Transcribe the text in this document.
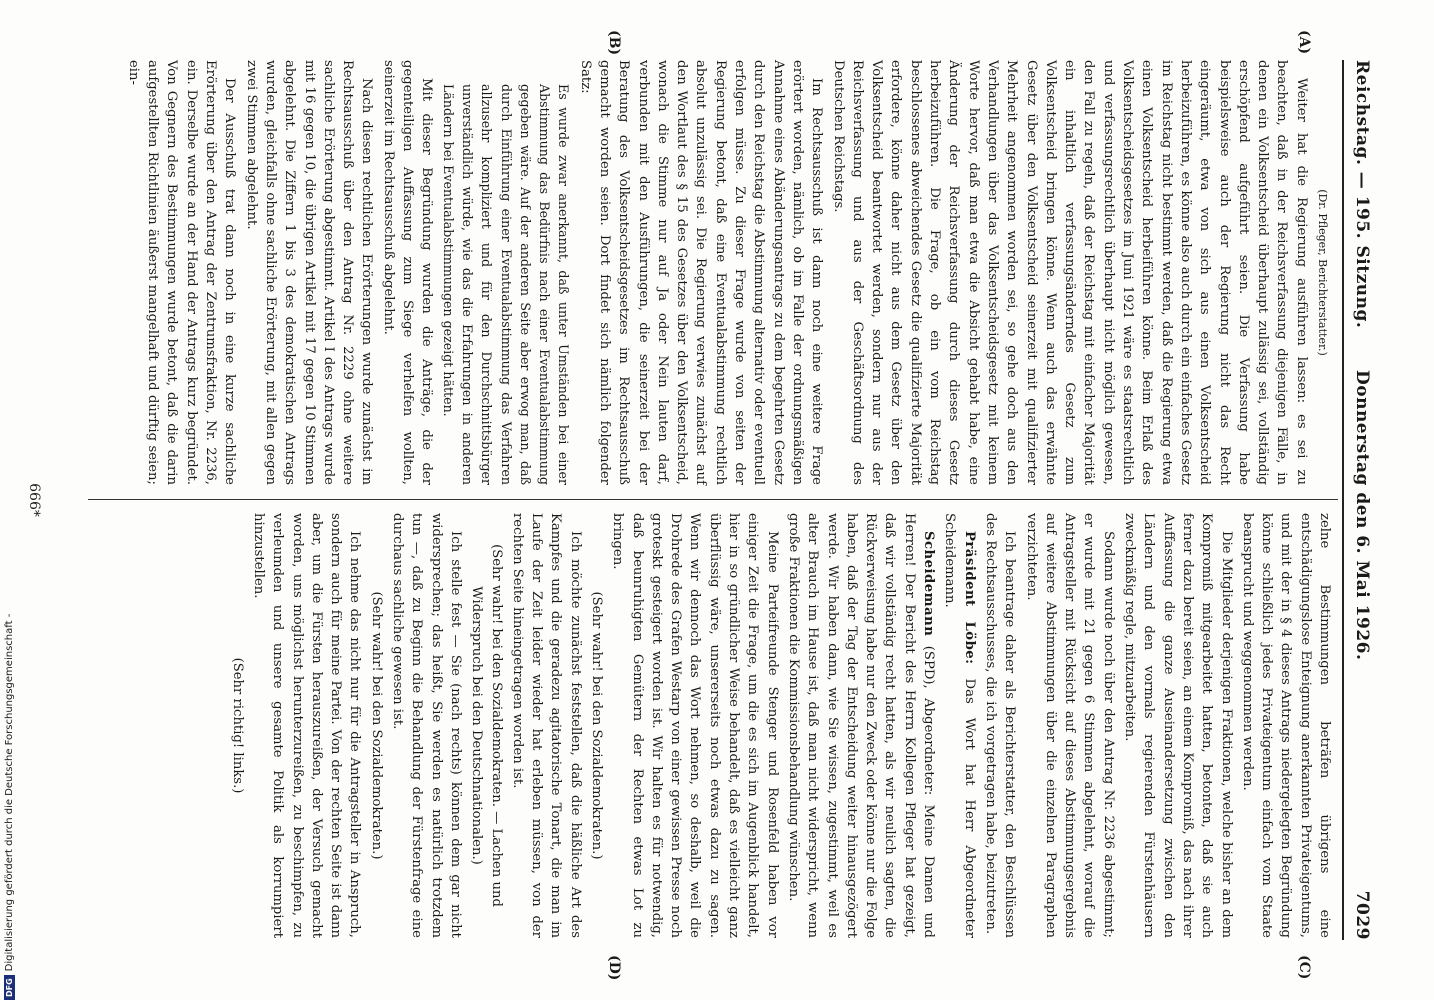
Reichstag. — 195. Sitzung.
Donnerstag den 6. Mai 1926.
7029
(A)
(B)
(C)
(D)

(Dr. Pfleger, Berichterstatter.)

Weiter hat die Regierung ausführen lassen: es sei zu beachten, daß in der Reichsverfassung diejenigen Fälle, in denen ein Volksentscheid überhaupt zulässig sei, vollständig erschöpfend aufgeführt seien. Die Verfassung habe beispielsweise auch der Regierung nicht das Recht eingeräumt, etwa von sich aus einen Volksentscheid herbeizuführen, es könne also auch durch ein einfaches Gesetz im Reichstag nicht bestimmt werden, daß die Regierung etwa einen Volksentscheid herbeiführen könne. Beim Erlaß des Volksentscheidsgesetzes im Juni 1921 wäre es staatsrechtlich und verfassungsrechtlich überhaupt nicht möglich gewesen, den Fall zu regeln, daß der Reichstag mit einfacher Majorität ein inhaltlich verfassungsänderndes Gesetz zum Volksentscheid bringen könne. Wenn auch das erwähnte Gesetz über den Volksentscheid seinerzeit mit qualifizierter Mehrheit angenommen worden sei, so gehe doch aus den Verhandlungen über das Volksentscheidsgesetz mit keinem Worte hervor, daß man etwa die Absicht gehabt habe, eine Änderung der Reichsverfassung durch dieses Gesetz herbeizuführen. Die Frage, ob ein vom Reichstag beschlossenes abweichendes Gesetz die qualifizierte Majorität erfordere, könne daher nicht aus dem Gesetz über den Volksentscheid beantwortet werden, sondern nur aus der Reichsverfassung und aus der Geschäftsordnung des Deutschen Reichstags.

Im Rechtsausschuß ist dann noch eine weitere Frage erörtert worden, nämlich, ob im Falle der ordnungsmäßigen Annahme eines Abänderungsantrags zu dem begehrten Gesetz durch den Reichstag die Abstimmung alternativ oder eventuell erfolgen müsse. Zu dieser Frage wurde von seiten der Regierung betont, daß eine Eventualabstimmung rechtlich absolut unzulässig sei. Die Regierung verwies zunächst auf den Wortlaut des § 15 des Gesetzes über den Volksentscheid, wonach die Stimme nur auf Ja oder Nein lauten darf, verbunden mit den Ausführungen, die seinerzeit bei der Beratung des Volksentscheidsgesetzes im Rechtsausschuß gemacht worden seien. Dort findet sich nämlich folgender Satz:

Es wurde zwar anerkannt, daß unter Umständen bei einer Abstimmung das Bedürfnis nach einer Eventualabstimmung gegeben wäre. Auf der anderen Seite aber erwog man, daß durch Einführung einer Eventualabstimmung das Verfahren allzusehr kompliziert und für den Durchschnittsbürger unverständlich würde, wie das die Erfahrungen in anderen Ländern bei Eventualabstimmungen gezeigt hätten.

Mit dieser Begründung wurden die Anträge, die der gegenteiligen Auffassung zum Siege verhelfen wollten, seinerzeit im Rechtsausschuß abgelehnt.

Nach diesen rechtlichen Erörterungen wurde zunächst im Rechtsausschuß über den Antrag Nr. 2229 ohne weitere sachliche Erörterung abgestimmt. Artikel I des Antrags wurde mit 16 gegen 10, die übrigen Artikel mit 17 gegen 10 Stimmen abgelehnt. Die Ziffern 1 bis 3 des demokratischen Antrags wurden, gleichfalls ohne sachliche Erörterung, mit allen gegen zwei Stimmen abgelehnt.

Der Ausschuß trat dann noch in eine kurze sachliche Erörterung über den Antrag der Zentrumsfraktion, Nr. 2236, ein. Derselbe wurde an der Hand der Antrags kurz begründet. Von Gegnern des Bestimmungen wurde betont, daß die darin aufgestellten Richtlinien äußerst mangelhaft und dürftig seien; ein-

zelne Bestimmungen beträfen übrigens eine entschädigungslose Enteignung anerkannten Privateigentums, und mit der in § 4 dieses Antrags niedergelegten Begründung könne schließlich jedes Privateigentum einfach vom Staate beansprucht und weggenommen werden.

Die Mitglieder derjenigen Fraktionen, welche bisher an dem Kompromiß mitgearbeitet hatten, betonten, daß sie auch ferner dazu bereit seien, an einem Kompromiß, das nach ihrer Auffassung die ganze Auseinandersetzung zwischen den Ländern und den vormals regierenden Fürstenhäusern zweckmäßig regle, mitzuarbeiten.

Sodann wurde noch über den Antrag Nr. 2236 abgestimmt; er wurde mit 21 gegen 6 Stimmen abgelehnt, worauf die Antragsteller mit Rücksicht auf dieses Abstimmungsergebnis auf weitere Abstimmungen über die einzelnen Paragraphen verzichteten.

Ich beantrage daher als Berichterstatter, den Beschlüssen des Rechtsausschusses, die ich vorgetragen habe, beizutreten.

Präsident Löbe: Das Wort hat Herr Abgeordneter Scheidemann.

Scheidemann (SPD), Abgeordneter: Meine Damen und Herren! Der Bericht des Herrn Kollegen Pfleger hat gezeigt, daß wir vollständig recht hatten, als wir neulich sagten, die Rückverweisung habe nur den Zweck oder könne nur die Folge haben, daß der Tag der Entscheidung weiter hinausgezögert werde. Wir haben dann, wie Sie wissen, zugestimmt, weil es alter Brauch im Hause ist, daß man nicht widerspricht, wenn große Fraktionen die Kommissionsbehandlung wünschen.

Meine Parteifreunde Stenger und Rosenfeld haben vor einiger Zeit die Frage, um die es sich im Augenblick handelt, hier in so gründlicher Weise behandelt, daß es vielleicht ganz überflüssig wäre, unsererseits noch etwas dazu zu sagen. Wenn wir dennoch das Wort nehmen, so deshalb, weil die Drohrede des Grafen Westarp von einer gewissen Presse noch groteskt gesteigert worden ist. Wir halten es für notwendig, daß beunruhigten Gemütern der Rechten etwas Lot zu bringen.

(Sehr wahr! bei den Sozialdemokraten.)

Ich möchte zunächst feststellen, daß die häßliche Art des Kampfes und die geradezu agitatorische Tonart, die man im Laufe der Zeit leider wieder hat erleben müssen, von der rechten Seite hineingetragen worden ist.

(Sehr wahr! bei den Sozialdemokraten. — Lachen und Widerspruch bei den Deutschnationalen.)

Ich stelle fest — Sie (nach rechts) können dem gar nicht widersprechen; das heißt, Sie werden es natürlich trotzdem tun —, daß zu Beginn die Behandlung der Fürstenfrage eine durchaus sachliche gewesen ist.

(Sehr wahr! bei den Sozialdemokraten.)

Ich nehme das nicht nur für die Antragsteller in Anspruch, sondern auch für meine Partei. Von der rechten Seite ist dann aber, um die Fürsten herauszureißen, der Versuch gemacht worden, uns möglichst herunterzureißen, zu beschimpfen, zu verleumden und unsere gesamte Politik als korrumpiert hinzustellen.

(Sehr richtig! links.)

666*
DFGDigitalisierung gefördert durch die Deutsche Forschungsgemeinschaft -
